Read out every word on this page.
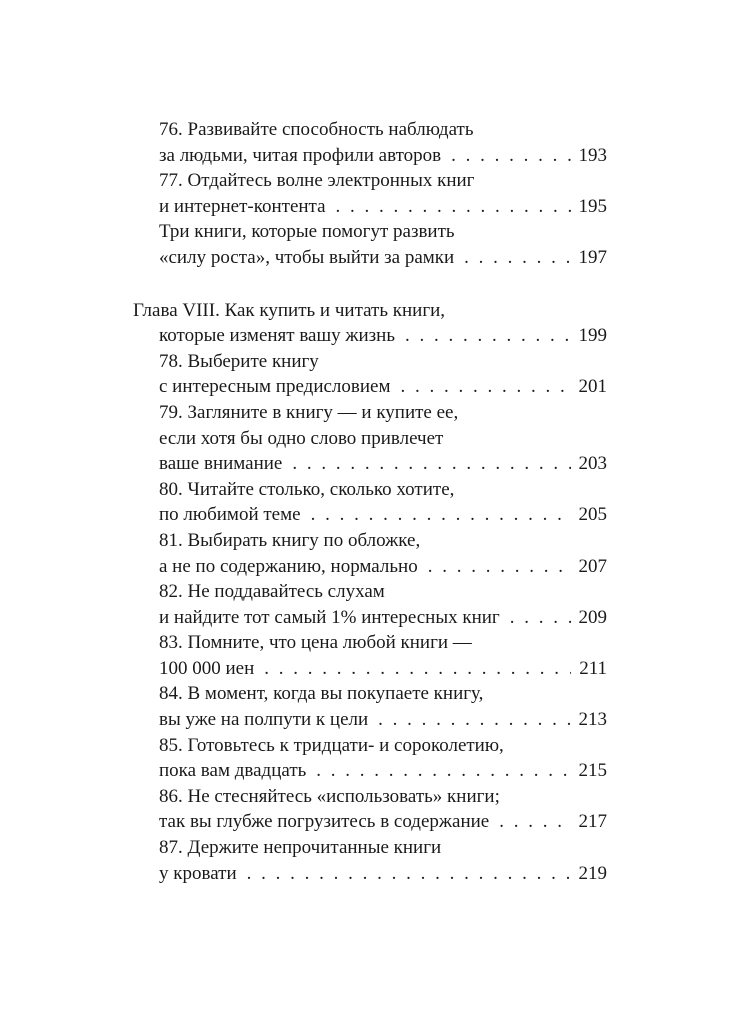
76. Развивайте способность наблюдать
за людьми, читая профили авторов . . .	193
77. Отдайтесь волне электронных книг
и интернет-контента . . .	195
Три книги, которые помогут развить
«силу роста», чтобы выйти за рамки . . .	197
Глава VIII. Как купить и читать книги,
которые изменят вашу жизнь . . .	199
78. Выберите книгу
с интересным предисловием . . .	201
79. Загляните в книгу — и купите ее,
если хотя бы одно слово привлечет
ваше внимание . . .	203
80. Читайте столько, сколько хотите,
по любимой теме . . .	205
81. Выбирать книгу по обложке,
а не по содержанию, нормально . . .	207
82. Не поддавайтесь слухам
и найдите тот самый 1% интересных книг . . .	209
83. Помните, что цена любой книги —
100 000 иен . . .	211
84. В момент, когда вы покупаете книгу,
вы уже на полпути к цели . . .	213
85. Готовьтесь к тридцати- и сороколетию,
пока вам двадцать . . .	215
86. Не стесняйтесь «использовать» книги;
так вы глубже погрузитесь в содержание . . .	217
87. Держите непрочитанные книги
у кровати . . .	219
